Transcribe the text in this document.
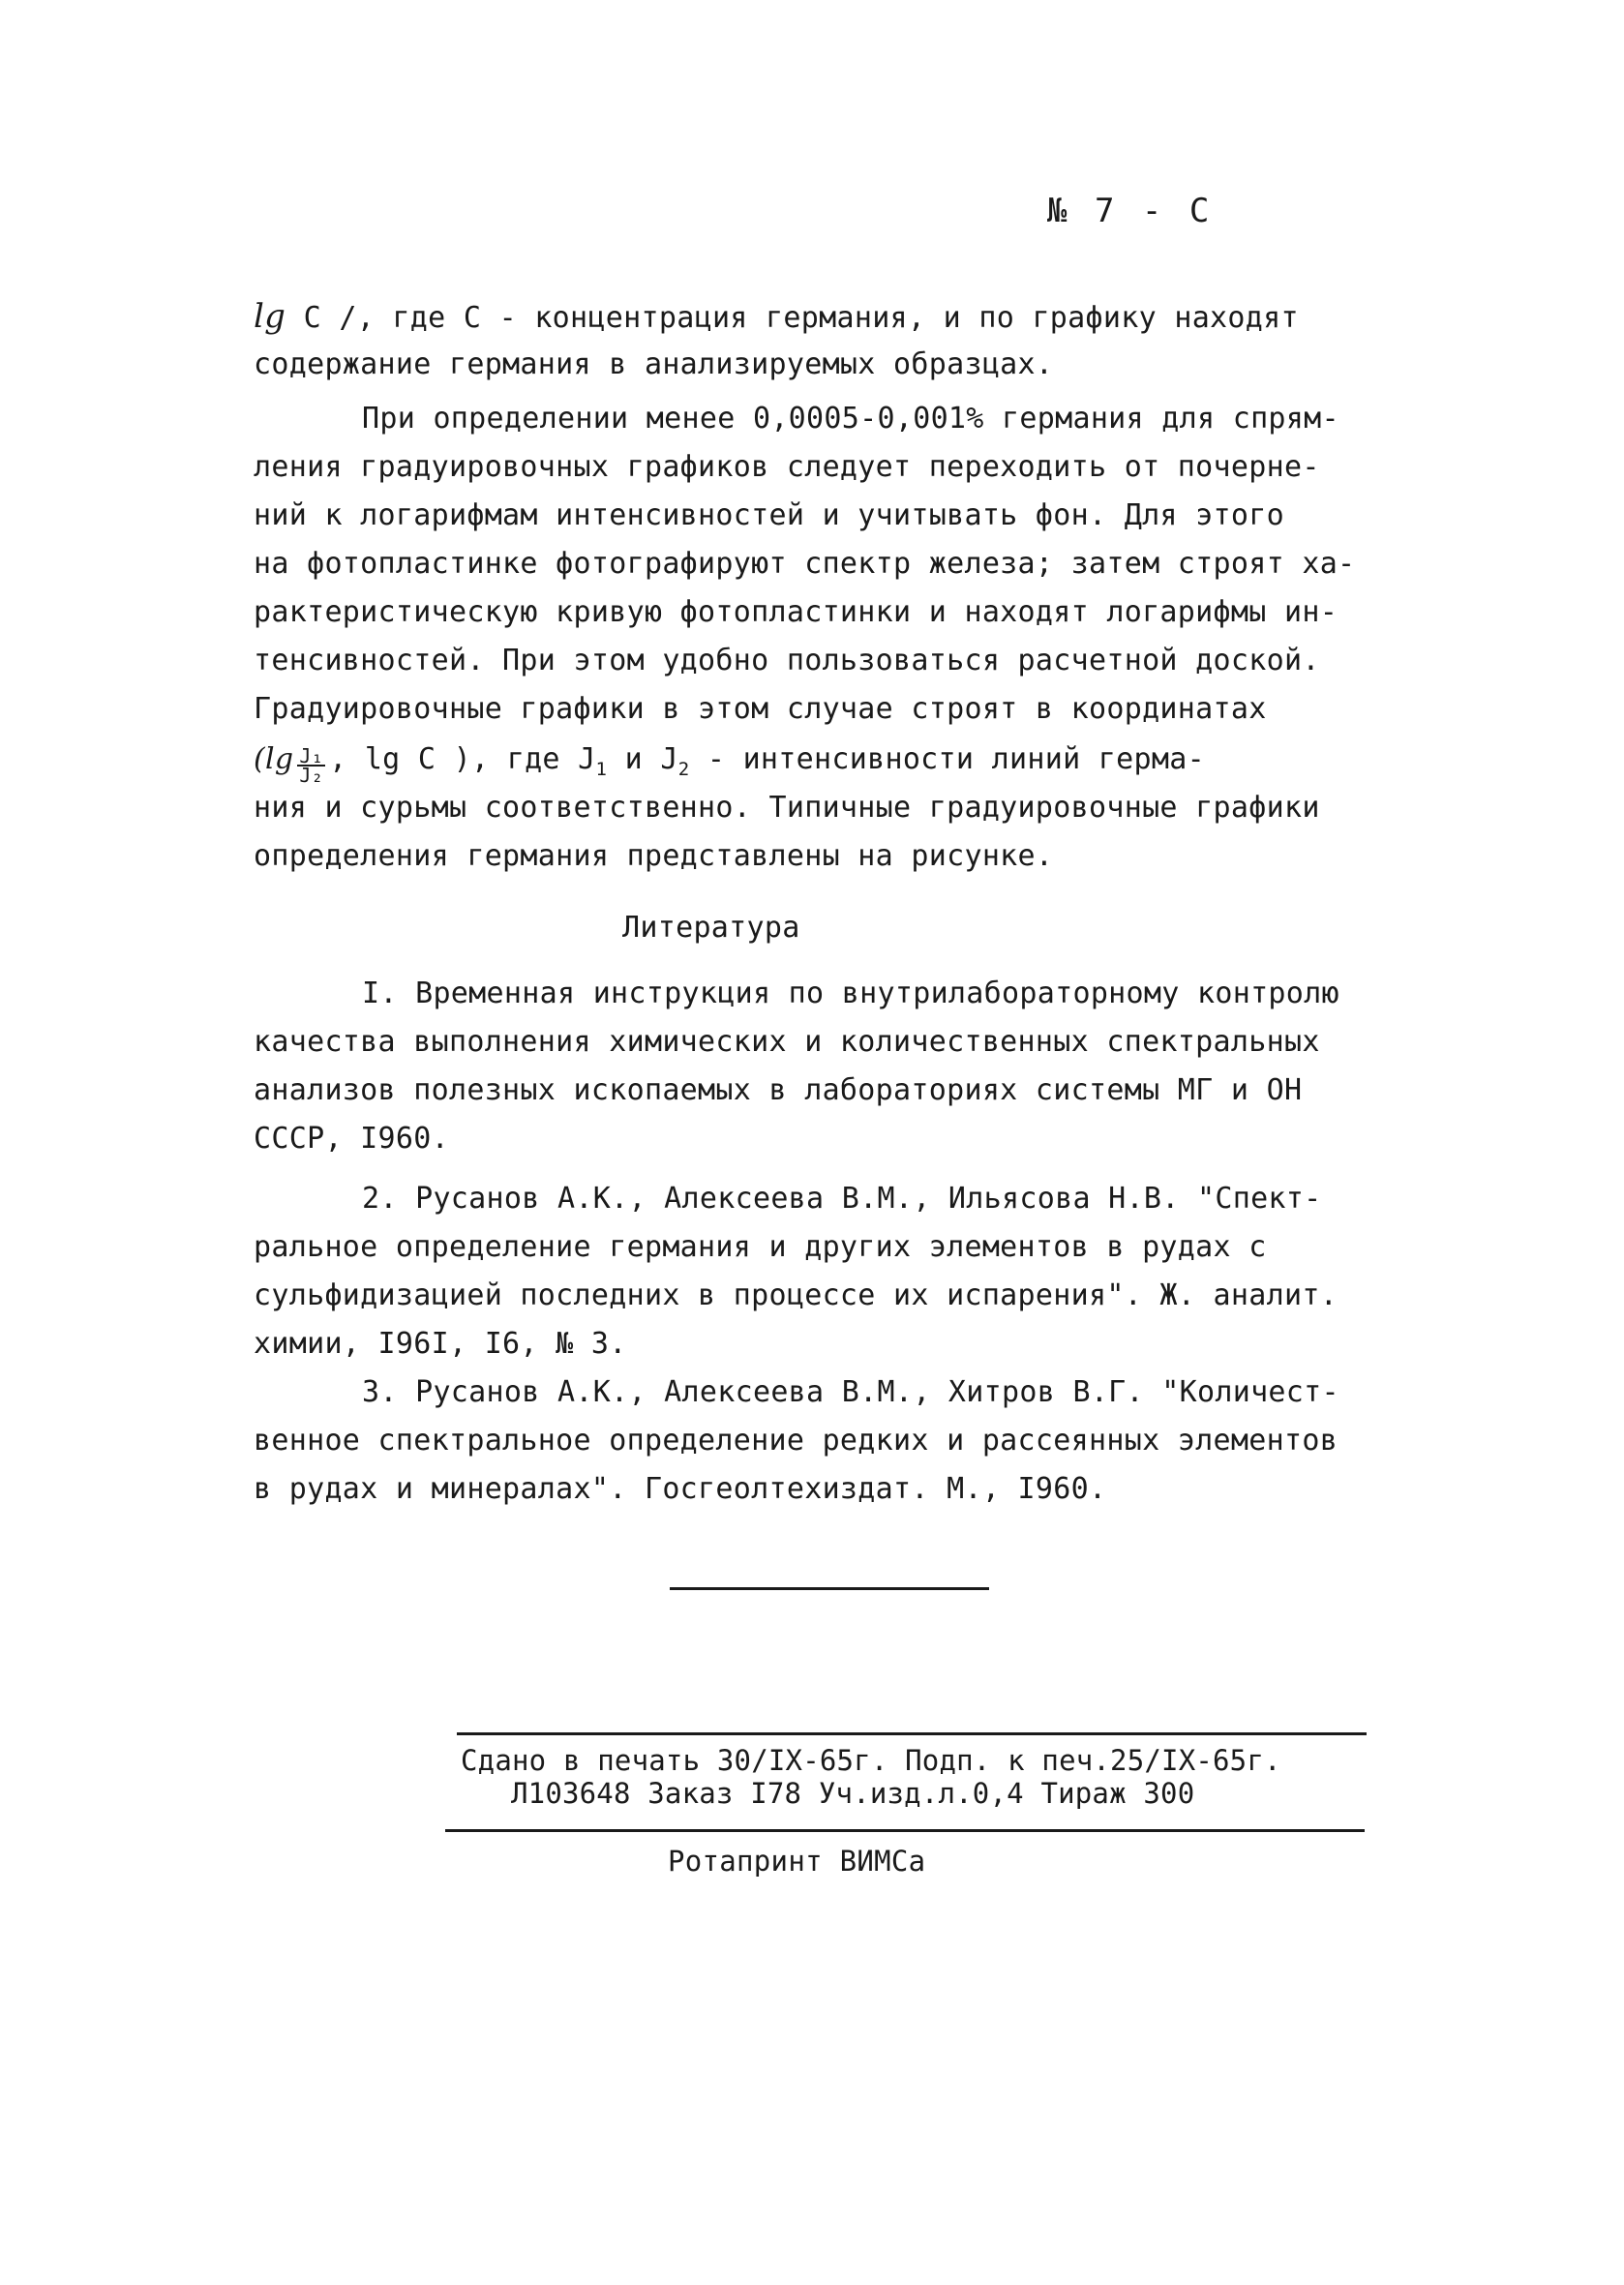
№ 7 - C
lg C /, где C - концентрация германия, и по графику находят
содержание германия в анализируемых образцах.
При определении менее 0,0005-0,001% германия для спрям-
ления градуировочных графиков следует переходить от почерне-
ний к логарифмам интенсивностей и учитывать фон. Для этого
на фотопластинке фотографируют спектр железа; затем строят ха-
рактеристическую кривую фотопластинки и находят логарифмы ин-
тенсивностей. При этом удобно пользоваться расчетной доской.
Градуировочные графики в этом случае строят в координатах
($\lg \frac{\text{J₁}}{\text{J₂}}$ , lg C ), где $J_1$ и $J_2$ - интенсивности линий герма-
ния и сурьмы соответственно. Типичные градуировочные графики
определения германия представлены на рисунке.
Литература
I. Временная инструкция по внутрилабораторному контролю
качества выполнения химических и количественных спектральных
анализов полезных ископаемых в лабораториях системы МГ и ОН
СССР, I960.
2. Русанов А.К., Алексеева В.М., Ильясова Н.В. "Спект-
ральное определение германия и других элементов в рудах с
сульфидизацией последних в процессе их испарения". Ж. аналит.
химии, I96I, I6, № 3.
3. Русанов А.К., Алексеева В.М., Хитров В.Г. "Количест-
венное спектральное определение редких и рассеянных элементов
в рудах и минералах". Госгеолтехиздат. М., I960.
Сдано в печать 30/IX-65г. Подп. к печ.25/IX-65г.
Л103648 Заказ I78 Уч.изд.л.0,4 Тираж 300
Ротапринт ВИМСа
